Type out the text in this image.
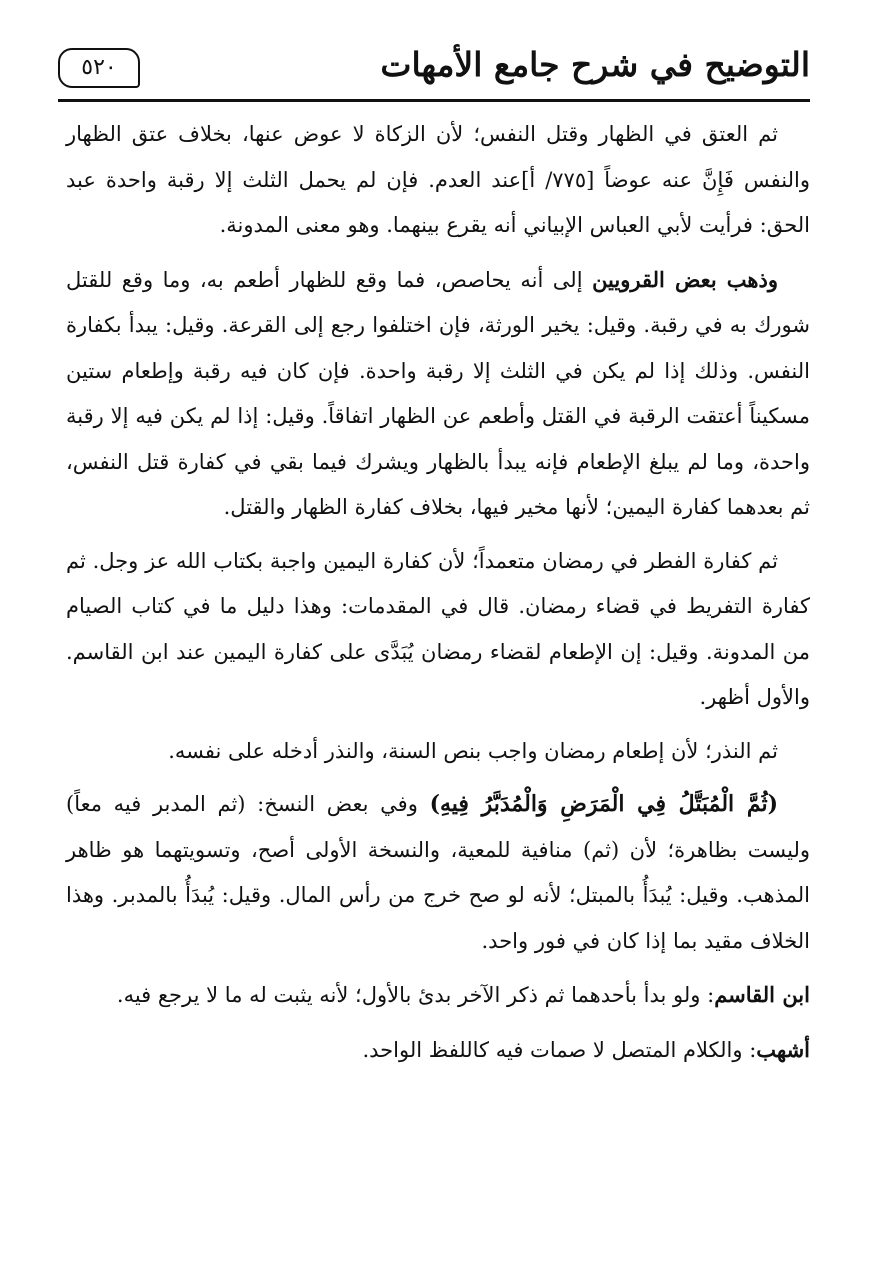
التوضيح في شرح جامع الأمهات
٥٢٠

ثم العتق في الظهار وقتل النفس؛ لأن الزكاة لا عوض عنها، بخلاف عتق الظهار والنفس فَإِنَّ عنه عوضاً [٧٧٥/ أ]عند العدم. فإن لم يحمل الثلث إلا رقبة واحدة عبد الحق: فرأيت لأبي العباس الإبياني أنه يقرع بينهما. وهو معنى المدونة.

وذهب بعض القرويين إلى أنه يحاصص، فما وقع للظهار أطعم به، وما وقع للقتل شورك به في رقبة. وقيل: يخير الورثة، فإن اختلفوا رجع إلى القرعة. وقيل: يبدأ بكفارة النفس. وذلك إذا لم يكن في الثلث إلا رقبة واحدة. فإن كان فيه رقبة وإطعام ستين مسكيناً أعتقت الرقبة في القتل وأطعم عن الظهار اتفاقاً. وقيل: إذا لم يكن فيه إلا رقبة واحدة، وما لم يبلغ الإطعام فإنه يبدأ بالظهار ويشرك فيما بقي في كفارة قتل النفس، ثم بعدهما كفارة اليمين؛ لأنها مخير فيها، بخلاف كفارة الظهار والقتل.

ثم كفارة الفطر في رمضان متعمداً؛ لأن كفارة اليمين واجبة بكتاب الله عز وجل. ثم كفارة التفريط في قضاء رمضان. قال في المقدمات: وهذا دليل ما في كتاب الصيام من المدونة. وقيل: إن الإطعام لقضاء رمضان يُبَدَّى على كفارة اليمين عند ابن القاسم. والأول أظهر.

ثم النذر؛ لأن إطعام رمضان واجب بنص السنة، والنذر أدخله على نفسه.

(ثُمَّ الْمُبَتَّلُ فِي الْمَرَضِ وَالْمُدَبَّرُ فِيهِ) وفي بعض النسخ: (ثم المدبر فيه معاً) وليست بظاهرة؛ لأن (ثم) منافية للمعية، والنسخة الأولى أصح، وتسويتهما هو ظاهر المذهب. وقيل: يُبدَأُ بالمبتل؛ لأنه لو صح خرج من رأس المال. وقيل: يُبدَأُ بالمدبر. وهذا الخلاف مقيد بما إذا كان في فور واحد.

ابن القاسم: ولو بدأ بأحدهما ثم ذكر الآخر بدئ بالأول؛ لأنه يثبت له ما لا يرجع فيه.

أشهب: والكلام المتصل لا صمات فيه كاللفظ الواحد.
